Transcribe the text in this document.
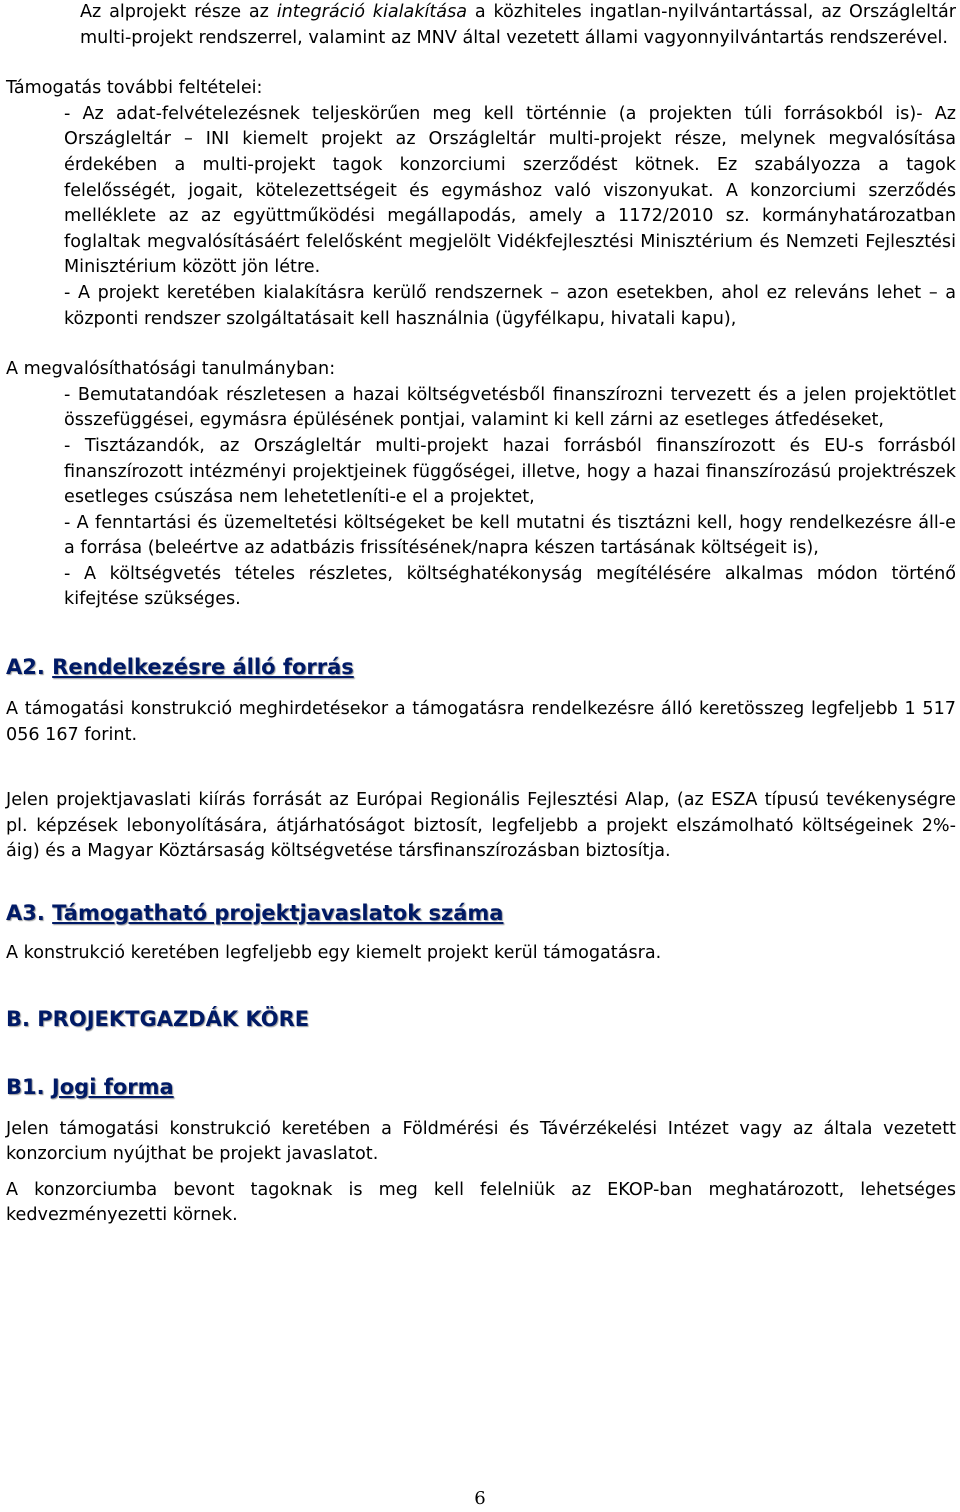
Az alprojekt része az integráció kialakítása a közhiteles ingatlan-nyilvántartással, az Országleltár multi-projekt rendszerrel, valamint az MNV által vezetett állami vagyonnyilvántartás rendszerével.

Támogatás további feltételei:

- Az adat-felvételezésnek teljeskörűen meg kell történnie (a projekten túli forrásokból is)- Az Országleltár – INI kiemelt projekt az Országleltár multi-projekt része, melynek megvalósítása érdekében a multi-projekt tagok konzorciumi szerződést kötnek. Ez szabályozza a tagok felelősségét, jogait, kötelezettségeit és egymáshoz való viszonyukat. A konzorciumi szerződés melléklete az az együttműködési megállapodás, amely a 1172/2010 sz. kormányhatározatban foglaltak megvalósításáért felelősként megjelölt Vidékfejlesztési Minisztérium és Nemzeti Fejlesztési Minisztérium között jön létre.

- A projekt keretében kialakításra kerülő rendszernek – azon esetekben, ahol ez releváns lehet – a központi rendszer szolgáltatásait kell használnia (ügyfélkapu, hivatali kapu),

A megvalósíthatósági tanulmányban:

- Bemutatandóak részletesen a hazai költségvetésből finanszírozni tervezett és a jelen projektötlet összefüggései, egymásra épülésének pontjai, valamint ki kell zárni az esetleges átfedéseket,

- Tisztázandók, az Országleltár multi-projekt hazai forrásból finanszírozott és EU-s forrásból finanszírozott intézményi projektjeinek függőségei, illetve, hogy a hazai finanszírozású projektrészek esetleges csúszása nem lehetetleníti-e el a projektet,

- A fenntartási és üzemeltetési költségeket be kell mutatni és tisztázni kell, hogy rendelkezésre áll-e a forrása (beleértve az adatbázis frissítésének/napra készen tartásának költségeit is),

- A költségvetés tételes részletes, költséghatékonyság megítélésére alkalmas módon történő kifejtése szükséges.

A2. Rendelkezésre álló forrás

A támogatási konstrukció meghirdetésekor a támogatásra rendelkezésre álló keretösszeg legfeljebb 1 517 056 167 forint.

Jelen projektjavaslati kiírás forrását az Európai Regionális Fejlesztési Alap, (az ESZA típusú tevékenységre pl. képzések lebonyolítására, átjárhatóságot biztosít, legfeljebb a projekt elszámolható költségeinek 2%-áig) és a Magyar Köztársaság költségvetése társfinanszírozásban biztosítja.

A3. Támogatható projektjavaslatok száma

A konstrukció keretében legfeljebb egy kiemelt projekt kerül támogatásra.

B. PROJEKTGAZDÁK KÖRE
B1. Jogi forma

Jelen támogatási konstrukció keretében a Földmérési és Távérzékelési Intézet vagy az általa vezetett konzorcium nyújthat be projekt javaslatot.

A konzorciumba bevont tagoknak is meg kell felelniük az EKOP-ban meghatározott, lehetséges kedvezményezetti körnek.

6
